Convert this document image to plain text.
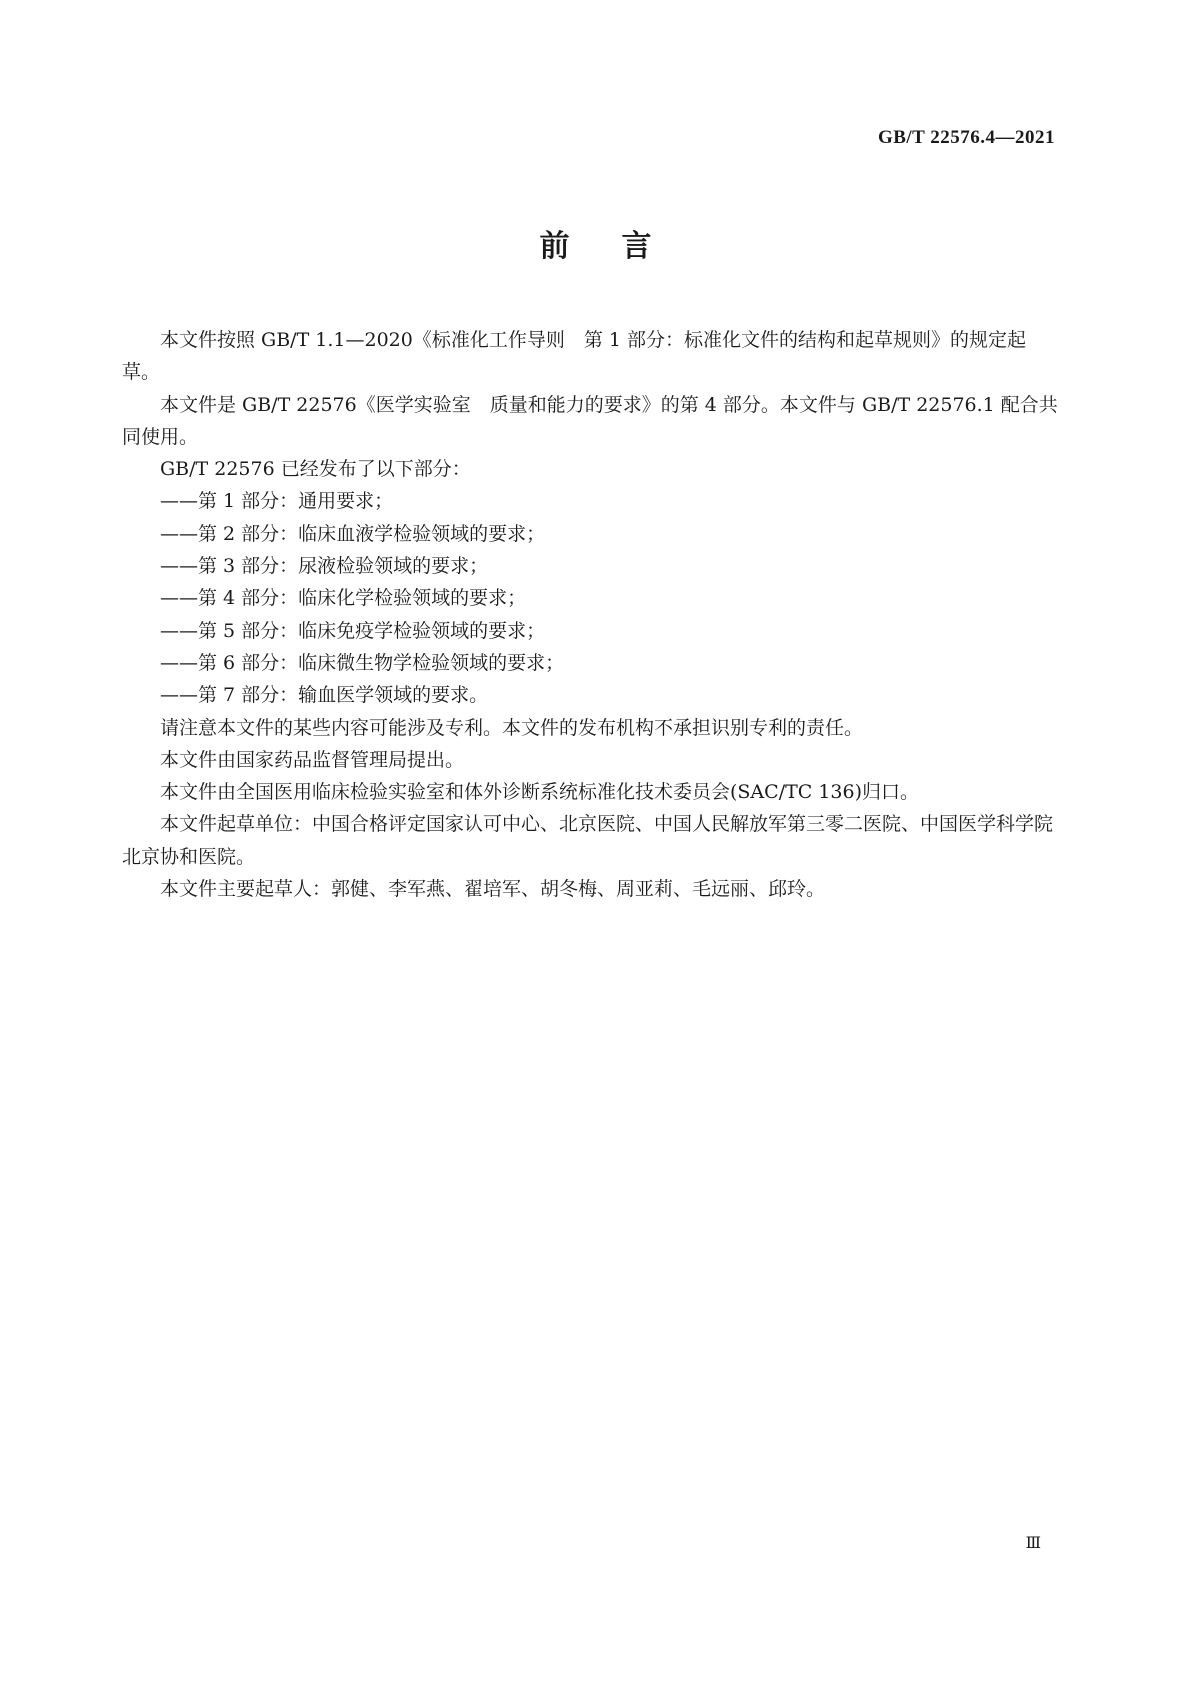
GB/T 22576.4—2021
前言

本文件按照 GB/T 1.1—2020《标准化工作导则　第 1 部分：标准化文件的结构和起草规则》的规定起草。

本文件是 GB/T 22576《医学实验室　质量和能力的要求》的第 4 部分。本文件与 GB/T 22576.1 配合共同使用。

GB/T 22576 已经发布了以下部分：

——第 1 部分：通用要求；

——第 2 部分：临床血液学检验领域的要求；

——第 3 部分：尿液检验领域的要求；

——第 4 部分：临床化学检验领域的要求；

——第 5 部分：临床免疫学检验领域的要求；

——第 6 部分：临床微生物学检验领域的要求；

——第 7 部分：输血医学领域的要求。

请注意本文件的某些内容可能涉及专利。本文件的发布机构不承担识别专利的责任。

本文件由国家药品监督管理局提出。

本文件由全国医用临床检验实验室和体外诊断系统标准化技术委员会(SAC/TC 136)归口。

本文件起草单位：中国合格评定国家认可中心、北京医院、中国人民解放军第三零二医院、中国医学科学院北京协和医院。

本文件主要起草人：郭健、李军燕、翟培军、胡冬梅、周亚莉、毛远丽、邱玲。

Ⅲ
